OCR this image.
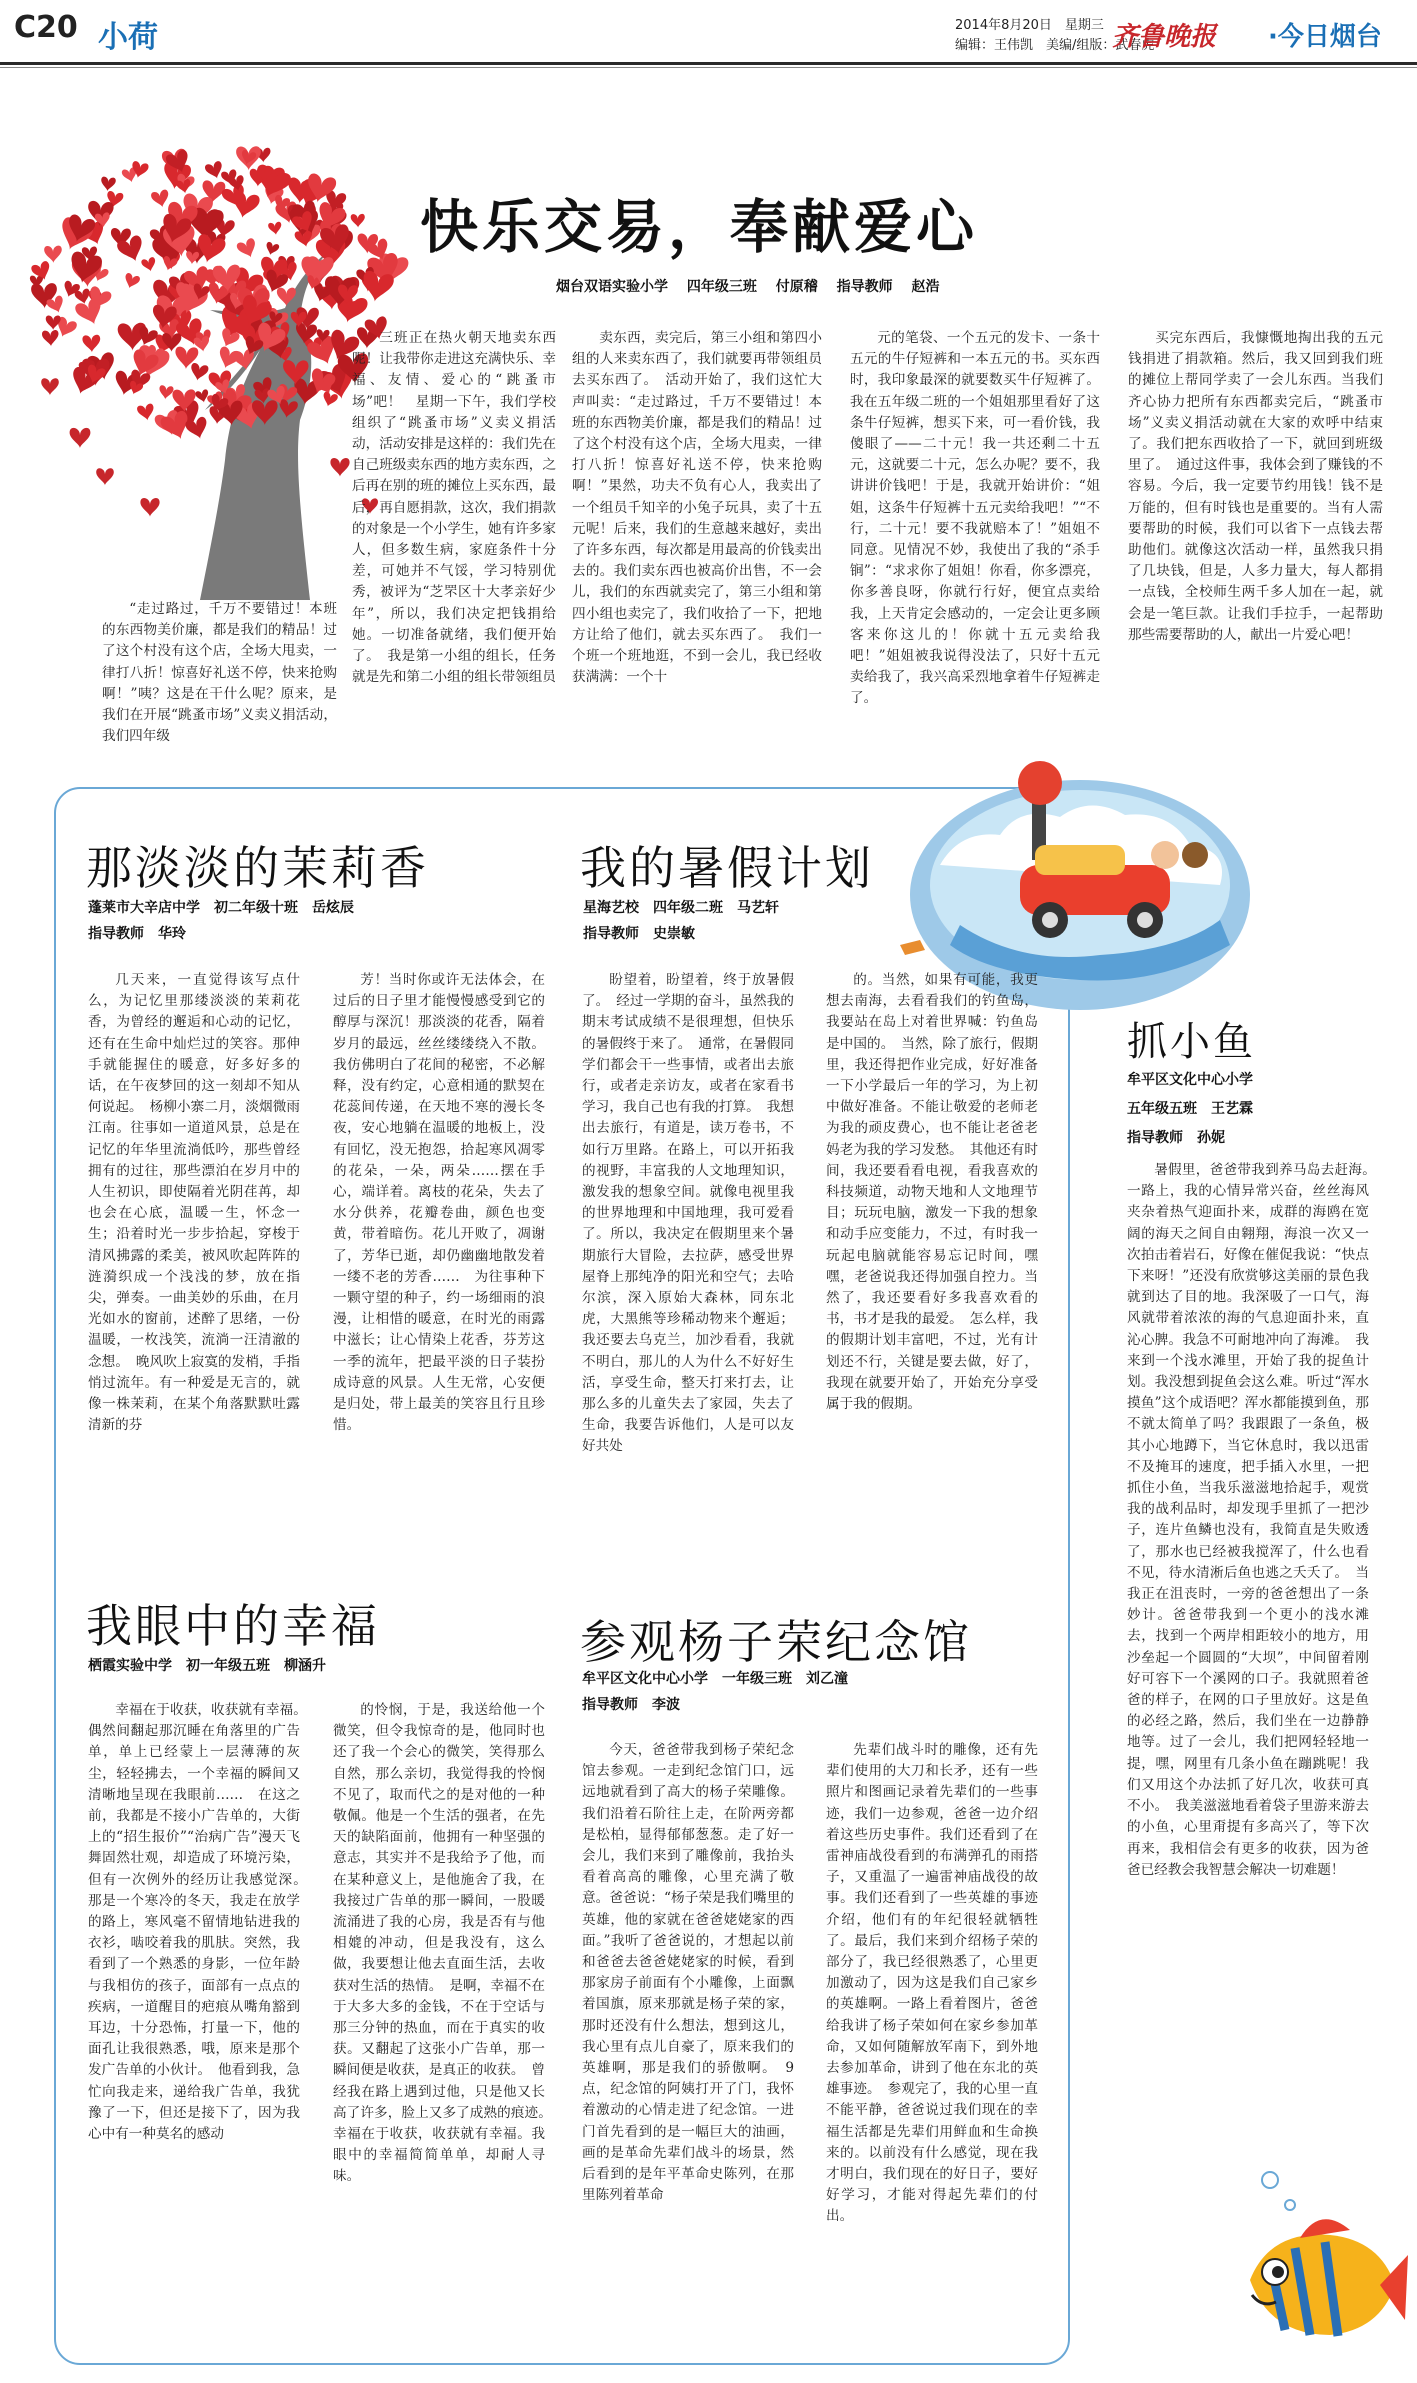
C20 小荷	2014年8月20日　 星期三
编辑：王伟凯　美编/组版：武春虎
齐鲁晚报 ·今日烟台
快乐交易，奉献爱心
烟台双语实验小学　 四年级三班　 付原稽　 指导教师　 赵浩

“走过路过，千万不要错过！本班的东西物美价廉，都是我们的精品！过了这个村没有这个店，全场大甩卖，一律打八折！惊喜好礼送不停，快来抢购啊！”咦？这是在干什么呢？原来，是我们在开展“跳蚤市场”义卖义捐活动，我们四年级

三班正在热火朝天地卖东西呢！让我带你走进这充满快乐、幸福、友情、爱心的“跳蚤市场”吧！　星期一下午，我们学校组织了“跳蚤市场”义卖义捐活动，活动安排是这样的：我们先在自己班级卖东西的地方卖东西，之后再在别的班的摊位上买东西，最后，再自愿捐款，这次，我们捐款的对象是一个小学生，她有许多家人，但多数生病，家庭条件十分差，可她并不气馁，学习特别优秀，被评为“芝罘区十大孝亲好少年”，所以，我们决定把钱捐给她。一切准备就绪，我们便开始了。　我是第一小组的组长，任务就是先和第二小组的组长带领组员

卖东西，卖完后，第三小组和第四小组的人来卖东西了，我们就要再带领组员去买东西了。　活动开始了，我们这忙大声叫卖：“走过路过，千万不要错过！本班的东西物美价廉，都是我们的精品！过了这个村没有这个店，全场大甩卖，一律打八折！惊喜好礼送不停，快来抢购啊！”果然，功夫不负有心人，我卖出了一个组员千知辛的小兔子玩具，卖了十五元呢！后来，我们的生意越来越好，卖出了许多东西，每次都是用最高的价钱卖出去的。我们卖东西也被高价出售，不一会儿，我们的东西就卖完了，第三小组和第四小组也卖完了，我们收拾了一下，把地方让给了他们，就去买东西了。　我们一个班一个班地逛，不到一会儿，我已经收获满满：一个十

元的笔袋、一个五元的发卡、一条十五元的牛仔短裤和一本五元的书。买东西时，我印象最深的就要数买牛仔短裤了。我在五年级二班的一个姐姐那里看好了这条牛仔短裤，想买下来，可一看价钱，我傻眼了——二十元！我一共还剩二十五元，这就要二十元，怎么办呢？要不，我讲讲价钱吧！于是，我就开始讲价：“姐姐，这条牛仔短裤十五元卖给我吧！”“不行，二十元！要不我就赔本了！”姐姐不同意。见情况不妙，我使出了我的“杀手锏”：“求求你了姐姐！你看，你多漂亮，你多善良呀，你就行行好，便宜点卖给我，上天肯定会感动的，一定会让更多顾客来你这儿的！你就十五元卖给我吧！”姐姐被我说得没法了，只好十五元卖给我了，我兴高采烈地拿着牛仔短裤走了。

买完东西后，我慷慨地掏出我的五元钱捐进了捐款箱。然后，我又回到我们班的摊位上帮同学卖了一会儿东西。当我们齐心协力把所有东西都卖完后，“跳蚤市场”义卖义捐活动就在大家的欢呼中结束了。我们把东西收拾了一下，就回到班级里了。　通过这件事，我体会到了赚钱的不容易。今后，我一定要节约用钱！钱不是万能的，但有时钱也是重要的。当有人需要帮助的时候，我们可以省下一点钱去帮助他们。就像这次活动一样，虽然我只捐了几块钱，但是，人多力量大，每人都捐一点钱，全校师生两千多人加在一起，就会是一笔巨款。让我们手拉手，一起帮助那些需要帮助的人，献出一片爱心吧！

那淡淡的茉莉香
蓬莱市大辛店中学　 初二年级十班　 岳炫辰
指导教师　 华玲

几天来，一直觉得该写点什么，为记忆里那缕淡淡的茉莉花香，为曾经的邂逅和心动的记忆，还有在生命中灿烂过的笑容。那伸手就能握住的暖意，好多好多的话，在午夜梦回的这一刻却不知从何说起。　杨柳小寨二月，淡烟微雨江南。往事如一道道风景，总是在记忆的年华里流淌低吟，那些曾经拥有的过往，那些漂泊在岁月中的人生初识，即使隔着光阴荏苒，却也会在心底，温暖一生，怀念一生；沿着时光一步步拾起，穿梭于清风拂露的柔美，被风吹起阵阵的涟漪织成一个浅浅的梦，放在指尖，弹奏。一曲美妙的乐曲，在月光如水的窗前，述醉了思绪，一份温暖，一枚浅笑，流淌一汪清澈的念想。　晚风吹上寂寞的发梢，手指悄过流年。有一种爱是无言的，就像一株茉莉，在某个角落默默吐露清新的芬

芳！当时你或许无法体会，在过后的日子里才能慢慢感受到它的醇厚与深沉！那淡淡的花香，隔着岁月的最远，丝丝缕缕绕入不散。我仿佛明白了花间的秘密，不必解释，没有约定，心意相通的默契在花蕊间传递，在天地不寒的漫长冬夜，安心地躺在温暖的地板上，没有回忆，没无抱怨，拾起寒风凋零的花朵，一朵，两朵……摆在手心，端详着。离枝的花朵，失去了水分供养，花瓣卷曲，颜色也变黄，带着暗伤。花儿开败了，凋谢了，芳华已逝，却仍幽幽地散发着一缕不老的芳香……　为往事种下一颗守望的种子，约一场细雨的浪漫，让相惜的暖意，在时光的雨露中滋长；让心情染上花香，芬芳这一季的流年，把最平淡的日子装扮成诗意的风景。人生无常，心安便是归处，带上最美的笑容且行且珍惜。

我的暑假计划
星海艺校　 四年级二班　 马艺轩
指导教师　 史崇敏

盼望着，盼望着，终于放暑假了。　经过一学期的奋斗，虽然我的期末考试成绩不是很理想，但快乐的暑假终于来了。　通常，在暑假同学们都会干一些事情，或者出去旅行，或者走亲访友，或者在家看书学习，我自己也有我的打算。　我想出去旅行，有道是，读万卷书，不如行万里路。在路上，可以开拓我的视野，丰富我的人文地理知识，激发我的想象空间。就像电视里我的世界地理和中国地理，我可爱看了。所以，我决定在假期里来个暑期旅行大冒险，去拉萨，感受世界屋脊上那纯净的阳光和空气；去哈尔滨，深入原始大森林，同东北虎，大黑熊等珍稀动物来个邂逅；我还要去乌克兰，加沙看看，我就不明白，那儿的人为什么不好好生活，享受生命，整天打来打去，让那么多的儿童失去了家园，失去了生命，我要告诉他们，人是可以友好共处

的。当然，如果有可能，我更想去南海，去看看我们的钓鱼岛，我要站在岛上对着世界喊：钓鱼岛是中国的。　当然，除了旅行，假期里，我还得把作业完成，好好准备一下小学最后一年的学习，为上初中做好准备。不能让敬爱的老师老为我的顽皮费心，也不能让老爸老妈老为我的学习发愁。　其他还有时间，我还要看看电视，看我喜欢的科技频道，动物天地和人文地理节目；玩玩电脑，激发一下我的想象和动手应变能力，不过，有时我一玩起电脑就能容易忘记时间，嘿嘿，老爸说我还得加强自控力。当然了，我还要看好多我喜欢看的书，书才是我的最爱。　怎么样，我的假期计划丰富吧，不过，光有计划还不行，关键是要去做，好了，我现在就要开始了，开始充分享受属于我的假期。

抓小鱼
牟平区文化中心小学
五年级五班　 王艺霖
指导教师　 孙妮

暑假里，爸爸带我到养马岛去赶海。　一路上，我的心情异常兴奋，丝丝海风夹杂着热气迎面扑来，成群的海鸥在宽阔的海天之间自由翱翔，海浪一次又一次拍击着岩石，好像在催促我说：“快点下来呀！”还没有欣赏够这美丽的景色我就到达了目的地。我深吸了一口气，海风就带着浓浓的海的气息迎面扑来，直沁心脾。我急不可耐地冲向了海滩。　我来到一个浅水滩里，开始了我的捉鱼计划。我没想到捉鱼会这么难。听过“浑水摸鱼”这个成语吧？浑水都能摸到鱼，那不就太简单了吗？我跟跟了一条鱼，极其小心地蹲下，当它休息时，我以迅雷不及掩耳的速度，把手插入水里，一把抓住小鱼，当我乐滋滋地拾起手，观赏我的战利品时，却发现手里抓了一把沙子，连片鱼鳞也没有，我简直是失败透了，那水也已经被我搅浑了，什么也看不见，待水清淅后鱼也逃之夭夭了。　当我正在沮丧时，一旁的爸爸想出了一条妙计。爸爸带我到一个更小的浅水滩去，找到一个两岸相距较小的地方，用沙垒起一个圆圆的“大坝”，中间留着刚好可容下一个溪网的口子。我就照着爸爸的样子，在网的口子里放好。这是鱼的必经之路，然后，我们坐在一边静静地等。过了一会儿，我们把网轻轻地一提，嘿，网里有几条小鱼在蹦跳呢！我们又用这个办法抓了好几次，收获可真不小。　我美滋滋地看着袋子里游来游去的小鱼，心里甭提有多高兴了，等下次再来，我相信会有更多的收获，因为爸爸已经教会我智慧会解决一切难题！

我眼中的幸福
栖霞实验中学　 初一年级五班　 柳涵升

幸福在于收获，收获就有幸福。　偶然间翻起那沉睡在角落里的广告单，单上已经蒙上一层薄薄的灰尘，轻轻拂去，一个幸福的瞬间又清晰地呈现在我眼前……　在这之前，我都是不接小广告单的，大街上的“招生报价”“治病广告”漫天飞舞固然壮观，却造成了环境污染，但有一次例外的经历让我感觉深。　那是一个寒冷的冬天，我走在放学的路上，寒风毫不留情地钻进我的衣衫，啮咬着我的肌肤。突然，我看到了一个熟悉的身影，一位年龄与我相仿的孩子，面部有一点点的疾病，一道醒目的疤痕从嘴角豁到耳边，十分恐怖，打量一下，他的面孔让我很熟悉，哦，原来是那个发广告单的小伙计。　他看到我，急忙向我走来，递给我广告单，我犹豫了一下，但还是接下了，因为我心中有一种莫名的感动

的怜悯，于是，我送给他一个微笑，但令我惊奇的是，他同时也还了我一个会心的微笑，笑得那么自然，那么亲切，我觉得我的怜悯不见了，取而代之的是对他的一种敬佩。他是一个生活的强者，在先天的缺陷面前，他拥有一种坚强的意志，其实并不是我给予了他，而在某种意义上，是他施舍了我，在我接过广告单的那一瞬间，一股暖流涌进了我的心房，我是否有与他相媲的冲动，但是我没有，这么做，我要想让他去直面生活，去收获对生活的热情。　是啊，幸福不在于大多大多的金钱，不在于空话与那三分钟的热血，而在于真实的收获。又翻起了这张小广告单，那一瞬间便是收获，是真正的收获。　曾经我在路上遇到过他，只是他又长高了许多，脸上又多了成熟的痕迹。　幸福在于收获，收获就有幸福。我眼中的幸福简简单单，却耐人寻味。

参观杨子荣纪念馆
牟平区文化中心小学　 一年级三班　 刘乙潼
指导教师　 李波

今天，爸爸带我到杨子荣纪念馆去参观。一走到纪念馆门口，远远地就看到了高大的杨子荣雕像。我们沿着石阶往上走，在阶两旁都是松柏，显得郁郁葱葱。走了好一会儿，我们来到了雕像前，我抬头看着高高的雕像，心里充满了敬意。爸爸说：“杨子荣是我们嘴里的英雄，他的家就在爸爸姥姥家的西面。”我听了爸爸说的，才想起以前和爸爸去爸爸姥姥家的时候，看到那家房子前面有个小雕像，上面飘着国旗，原来那就是杨子荣的家，那时还没有什么想法，想到这儿，我心里有点儿自豪了，原来我们的英雄啊，那是我们的骄傲啊。　9点，纪念馆的阿姨打开了门，我怀着激动的心情走进了纪念馆。一进门首先看到的是一幅巨大的油画，画的是革命先辈们战斗的场景，然后看到的是年平革命史陈列，在那里陈列着革命

先辈们战斗时的雕像，还有先辈们使用的大刀和长矛，还有一些照片和图画记录着先辈们的一些事迹，我们一边参观，爸爸一边介绍着这些历史事件。我们还看到了在雷神庙战役看到的布满弹孔的雨搭子，又重温了一遍雷神庙战役的故事。我们还看到了一些英雄的事迹介绍，他们有的年纪很轻就牺牲了。最后，我们来到介绍杨子荣的部分了，我已经很熟悉了，心里更加激动了，因为这是我们自己家乡的英雄啊。一路上看着图片，爸爸给我讲了杨子荣如何在家乡参加革命，又如何随解放军南下，到外地去参加革命，讲到了他在东北的英雄事迹。　参观完了，我的心里一直不能平静，爸爸说过我们现在的幸福生活都是先辈们用鲜血和生命换来的。以前没有什么感觉，现在我才明白，我们现在的好日子，要好好学习，才能对得起先辈们的付出。
